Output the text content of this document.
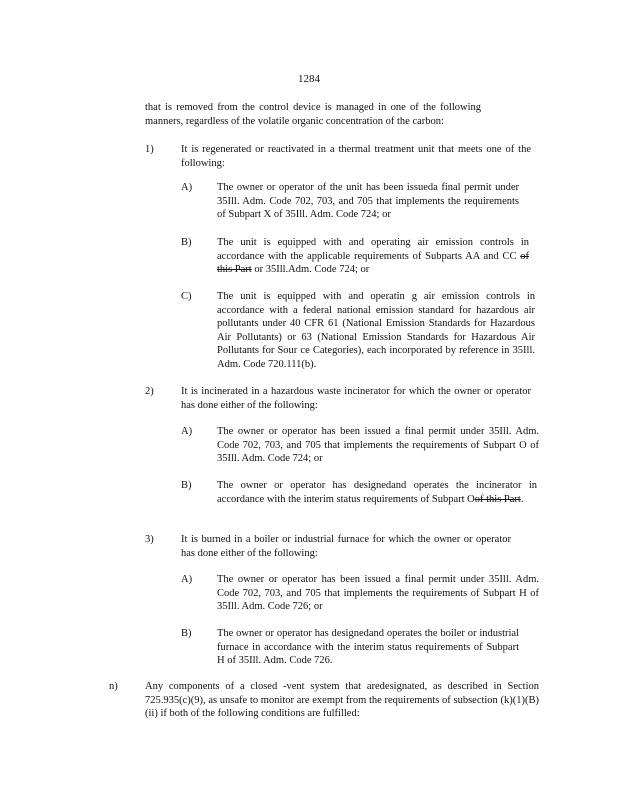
1284
that is removed from the control device is managed in one of the following manners, regardless of the volatile organic concentration of the carbon:
1)	It is regenerated or reactivated in a thermal treatment unit that meets one of the following:
A) The owner or operator of the unit has been issueda final permit under 35Ill. Adm. Code 702, 703, and 705 that implements the requirements of Subpart X of 35Ill. Adm. Code 724; or
B) The unit is equipped with and operating air emission controls in accordance with the applicable requirements of Subparts AA and CC of this Part or 35Ill.Adm. Code 724; or
C) The unit is equipped with and operatin g air emission controls in accordance with a federal national emission standard for hazardous air pollutants under 40 CFR 61 (National Emission Standards for Hazardous Air Pollutants) or 63 (National Emission Standards for Hazardous Air Pollutants for Sour ce Categories), each incorporated by reference in 35Ill. Adm. Code 720.111(b).
2)	It is incinerated in a hazardous waste incinerator for which the owner or operator has done either of the following:
A) The owner or operator has been issued a final permit under 35Ill. Adm. Code 702, 703, and 705 that implements the requirements of Subpart O of 35Ill. Adm. Code 724; or
B) The owner or operator has designedand operates the incinerator in accordance with the interim status requirements of Subpart Oof this Part.
3)	It is burned in a boiler or industrial furnace for which the owner or operator has done either of the following:
A) The owner or operator has been issued a final permit under 35Ill. Adm. Code 702, 703, and 705 that implements the requirements of Subpart H of 35Ill. Adm. Code 726; or
B) The owner or operator has designedand operates the boiler or industrial furnace in accordance with the interim status requirements of Subpart H of 35Ill. Adm. Code 726.
n)	Any components of a closed -vent system that aredesignated, as described in Section 725.935(c)(9), as unsafe to monitor are exempt from the requirements of subsection (k)(1)(B)(ii) if both of the following conditions are fulfilled:
